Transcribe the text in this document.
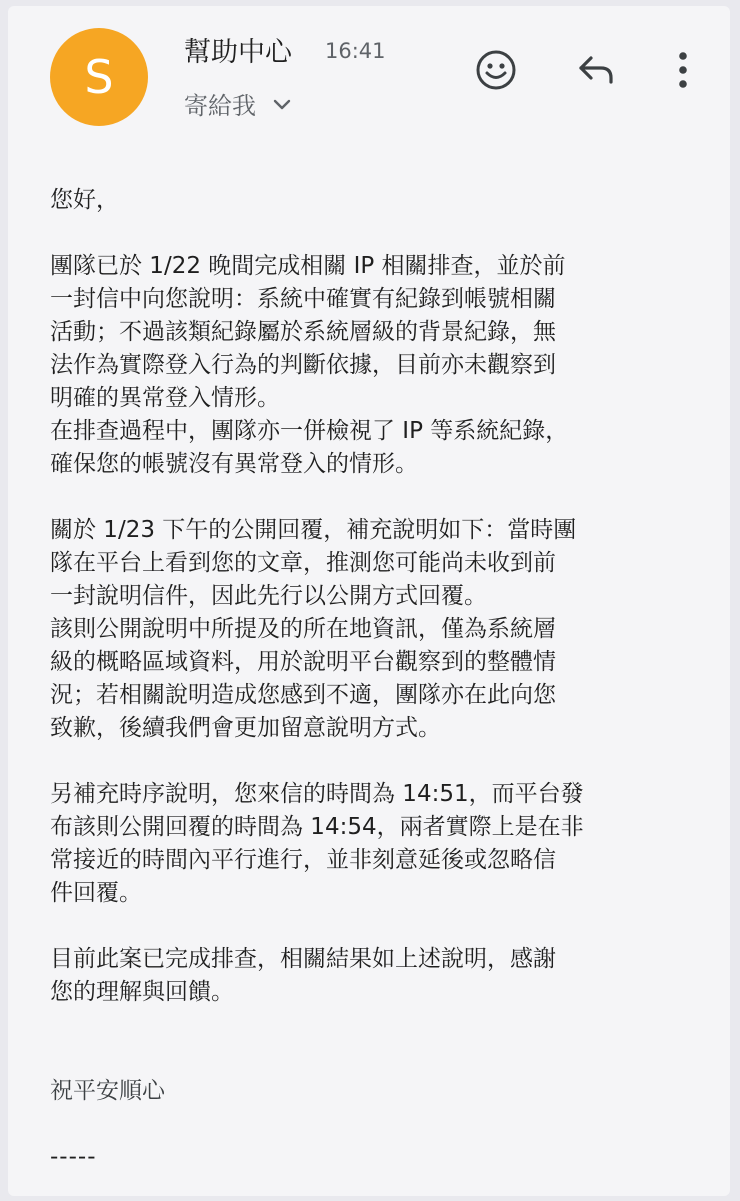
S	幫助中心 16:41
寄給我

您好，

團隊已於 1/22 晚間完成相關 IP 相關排查，並於前

一封信中向您說明：系統中確實有紀錄到帳號相關

活動；不過該類紀錄屬於系統層級的背景紀錄，無

法作為實際登入行為的判斷依據，目前亦未觀察到

明確的異常登入情形。

在排查過程中，團隊亦一併檢視了 IP 等系統紀錄，

確保您的帳號沒有異常登入的情形。

關於 1/23 下午的公開回覆，補充說明如下：當時團

隊在平台上看到您的文章，推測您可能尚未收到前

一封說明信件，因此先行以公開方式回覆。

該則公開說明中所提及的所在地資訊，僅為系統層

級的概略區域資料，用於說明平台觀察到的整體情

況；若相關說明造成您感到不適，團隊亦在此向您

致歉，後續我們會更加留意說明方式。

另補充時序說明，您來信的時間為 14:51，而平台發

布該則公開回覆的時間為 14:54，兩者實際上是在非

常接近的時間內平行進行，並非刻意延後或忽略信

件回覆。

目前此案已完成排查，相關結果如上述說明，感謝

您的理解與回饋。

祝平安順心

-----
